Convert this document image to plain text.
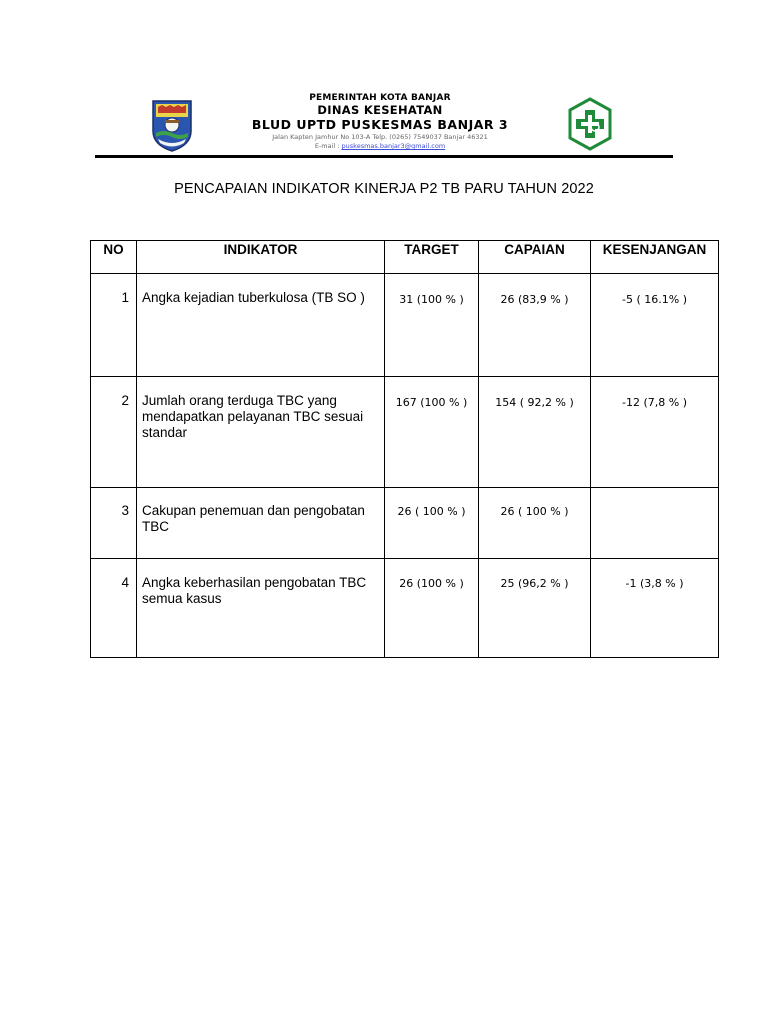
PEMERINTAH KOTA BANJAR
DINAS KESEHATAN
BLUD UPTD PUSKESMAS BANJAR 3
Jalan Kapten Jamhur No 103-A Telp. (0265) 7549037 Banjar 46321
E-mail : puskesmas.banjar3@gmail.com
PENCAPAIAN INDIKATOR KINERJA P2 TB PARU TAHUN 2022
NO	INDIKATOR	TARGET	CAPAIAN	KESENJANGAN
1	Angka kejadian tuberkulosa (TB SO )	31 (100 % )	26 (83,9 % )	-5 ( 16.1% )
2	Jumlah orang terduga TBC yang mendapatkan pelayanan TBC sesuai standar	167 (100 % )	154 ( 92,2 % )	-12 (7,8 % )
3	Cakupan penemuan dan pengobatan TBC	26 ( 100 % )	26 ( 100 % )	
4	Angka keberhasilan pengobatan TBC semua kasus	26 (100 % )	25 (96,2 % )	-1 (3,8 % )
